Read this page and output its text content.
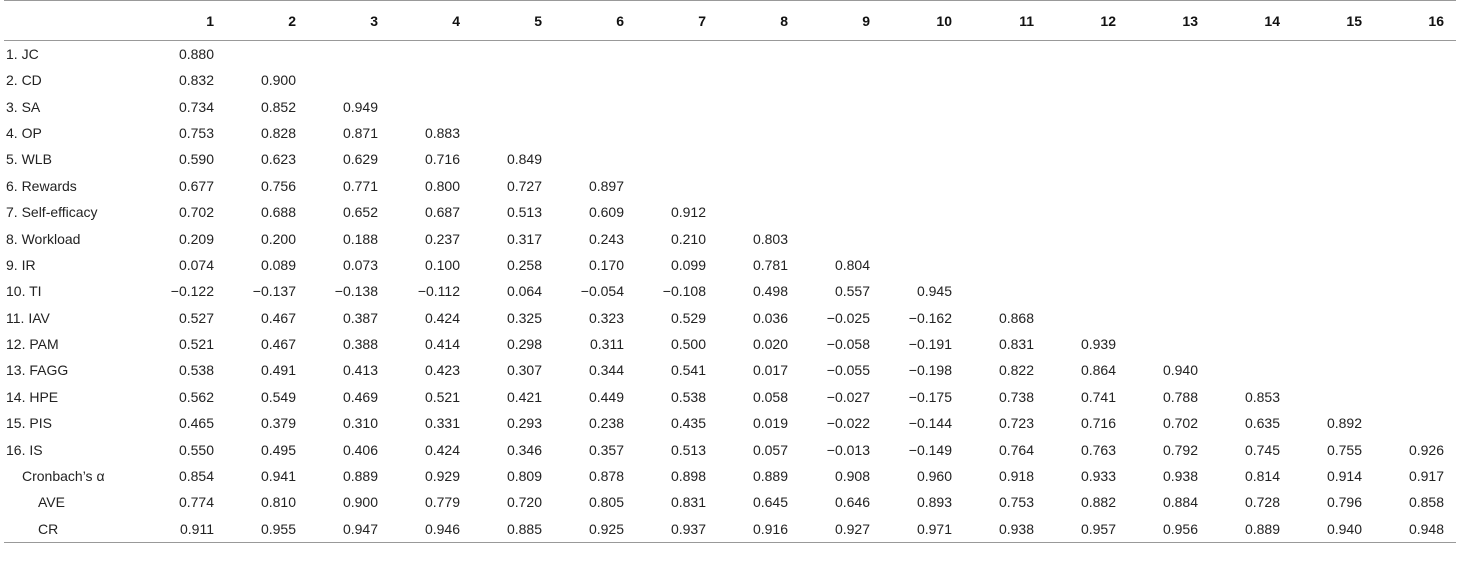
	1	2	3	4	5	6	7	8	9	10	11	12	13	14	15	16
1. JC	0.880															
2. CD	0.832	0.900														
3. SA	0.734	0.852	0.949													
4. OP	0.753	0.828	0.871	0.883												
5. WLB	0.590	0.623	0.629	0.716	0.849											
6. Rewards	0.677	0.756	0.771	0.800	0.727	0.897										
7. Self-efficacy	0.702	0.688	0.652	0.687	0.513	0.609	0.912									
8. Workload	0.209	0.200	0.188	0.237	0.317	0.243	0.210	0.803								
9. IR	0.074	0.089	0.073	0.100	0.258	0.170	0.099	0.781	0.804							
10. TI	−0.122	−0.137	−0.138	−0.112	0.064	−0.054	−0.108	0.498	0.557	0.945						
11. IAV	0.527	0.467	0.387	0.424	0.325	0.323	0.529	0.036	−0.025	−0.162	0.868					
12. PAM	0.521	0.467	0.388	0.414	0.298	0.311	0.500	0.020	−0.058	−0.191	0.831	0.939				
13. FAGG	0.538	0.491	0.413	0.423	0.307	0.344	0.541	0.017	−0.055	−0.198	0.822	0.864	0.940			
14. HPE	0.562	0.549	0.469	0.521	0.421	0.449	0.538	0.058	−0.027	−0.175	0.738	0.741	0.788	0.853		
15. PIS	0.465	0.379	0.310	0.331	0.293	0.238	0.435	0.019	−0.022	−0.144	0.723	0.716	0.702	0.635	0.892	
16. IS	0.550	0.495	0.406	0.424	0.346	0.357	0.513	0.057	−0.013	−0.149	0.764	0.763	0.792	0.745	0.755	0.926
Cronbach’s α	0.854	0.941	0.889	0.929	0.809	0.878	0.898	0.889	0.908	0.960	0.918	0.933	0.938	0.814	0.914	0.917
AVE	0.774	0.810	0.900	0.779	0.720	0.805	0.831	0.645	0.646	0.893	0.753	0.882	0.884	0.728	0.796	0.858
CR	0.911	0.955	0.947	0.946	0.885	0.925	0.937	0.916	0.927	0.971	0.938	0.957	0.956	0.889	0.940	0.948
